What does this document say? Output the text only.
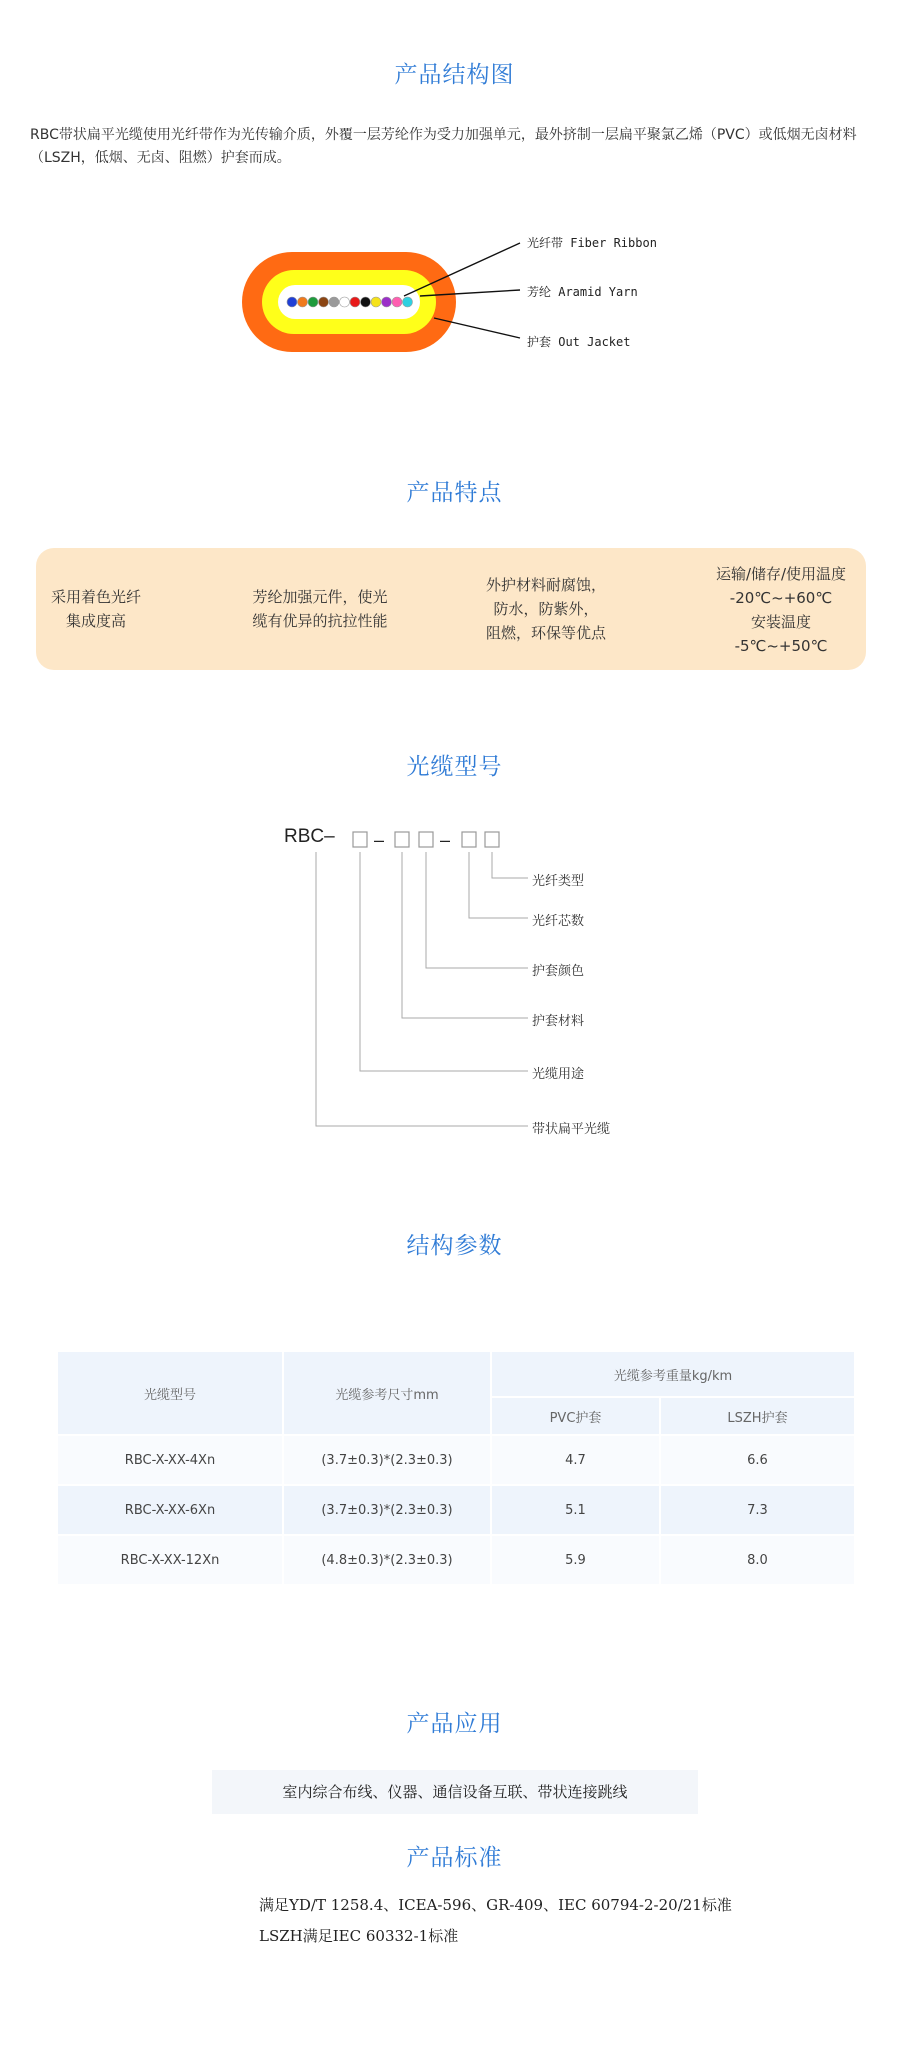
产品结构图
RBC带状扁平光缆使用光纤带作为光传输介质，外覆一层芳纶作为受力加强单元，最外挤制一层扁平聚氯乙烯（PVC）或低烟无卤材料（LSZH，低烟、无卤、阻燃）护套而成。
光纤带 Fiber Ribbon
芳纶 Aramid Yarn
护套 Out Jacket
产品特点
采用着色光纤
集成度高
芳纶加强元件，使光
缆有优异的抗拉性能
外护材料耐腐蚀，
防水，防紫外，
阻燃，环保等优点
运输/储存/使用温度
-20℃~+60℃
安装温度
-5℃~+50℃
光缆型号
RBC– –	–
光纤类型
光纤芯数
护套颜色
护套材料
光缆用途
带状扁平光缆
结构参数
光缆型号	光缆参考尺寸mm	光缆参考重量kg/km	
		PVC护套	LSZH护套
RBC-X-XX-4Xn	(3.7±0.3)*(2.3±0.3)	4.7	6.6
RBC-X-XX-6Xn	(3.7±0.3)*(2.3±0.3)	5.1	7.3
RBC-X-XX-12Xn	(4.8±0.3)*(2.3±0.3)	5.9	8.0
产品应用
室内综合布线、仪器、通信设备互联、带状连接跳线
产品标准
满足YD/T 1258.4、ICEA-596、GR-409、IEC 60794-2-20/21标准
LSZH满足IEC 60332-1标准
